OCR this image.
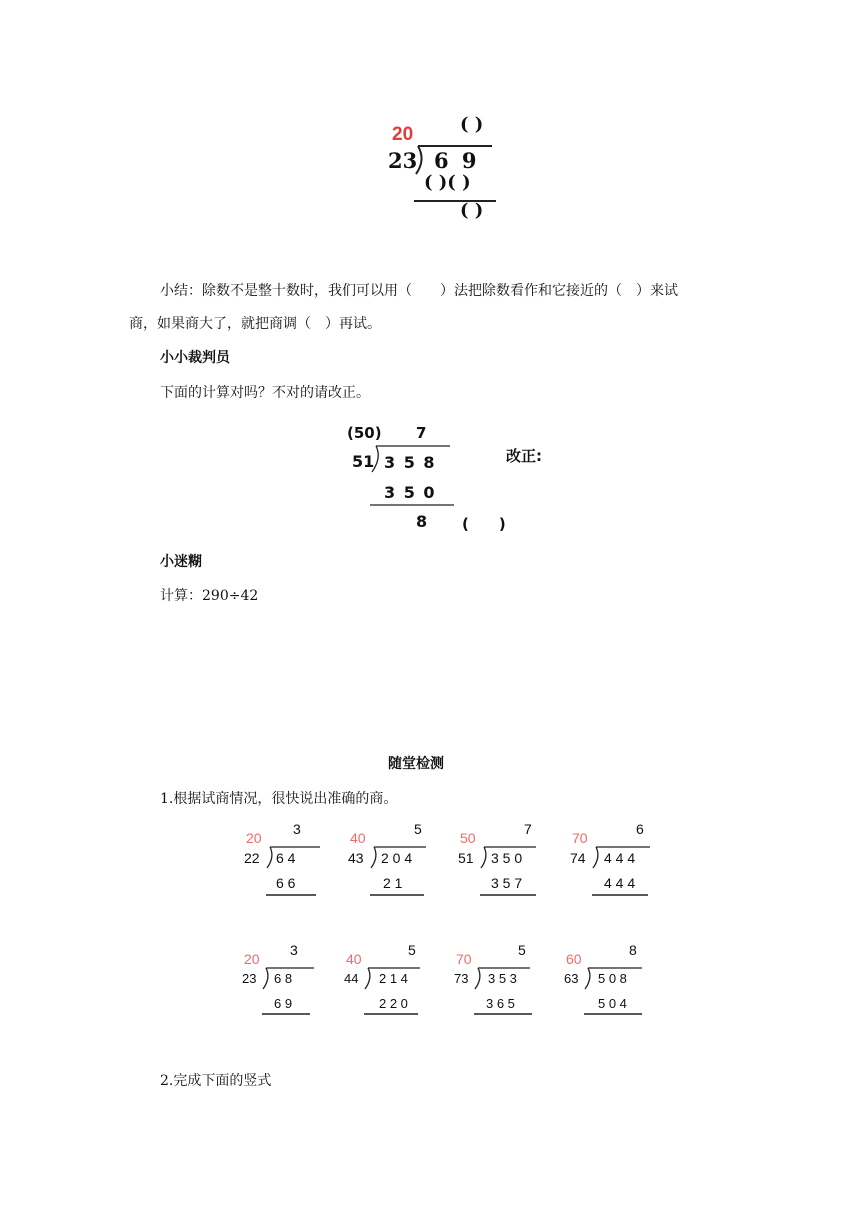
20	( )
23 6 9
( )( )
( )
小结：除数不是整十数时，我们可以用（　　）法把除数看作和它接近的（　）来试
商，如果商大了，就把商调（　）再试。
小小裁判员
下面的计算对吗？不对的请改正。
(50) 7
51 3 5 8
3 5 0
8 (　　)
改正:
小迷糊
计算：290÷42
随堂检测
1.根据试商情况，很快说出准确的商。
20
3
22 6 4
6 6
40
5
43 2 0 4
2 1
50
7
51 3 5 0
3 5 7
70
6
74 4 4 4
4 4 4
20
3
23 6 8
6 9
40
5
44 2 1 4
2 2 0
70
5
73 3 5 3
3 6 5
60
8
63 5 0 8
5 0 4
2.完成下面的竖式
